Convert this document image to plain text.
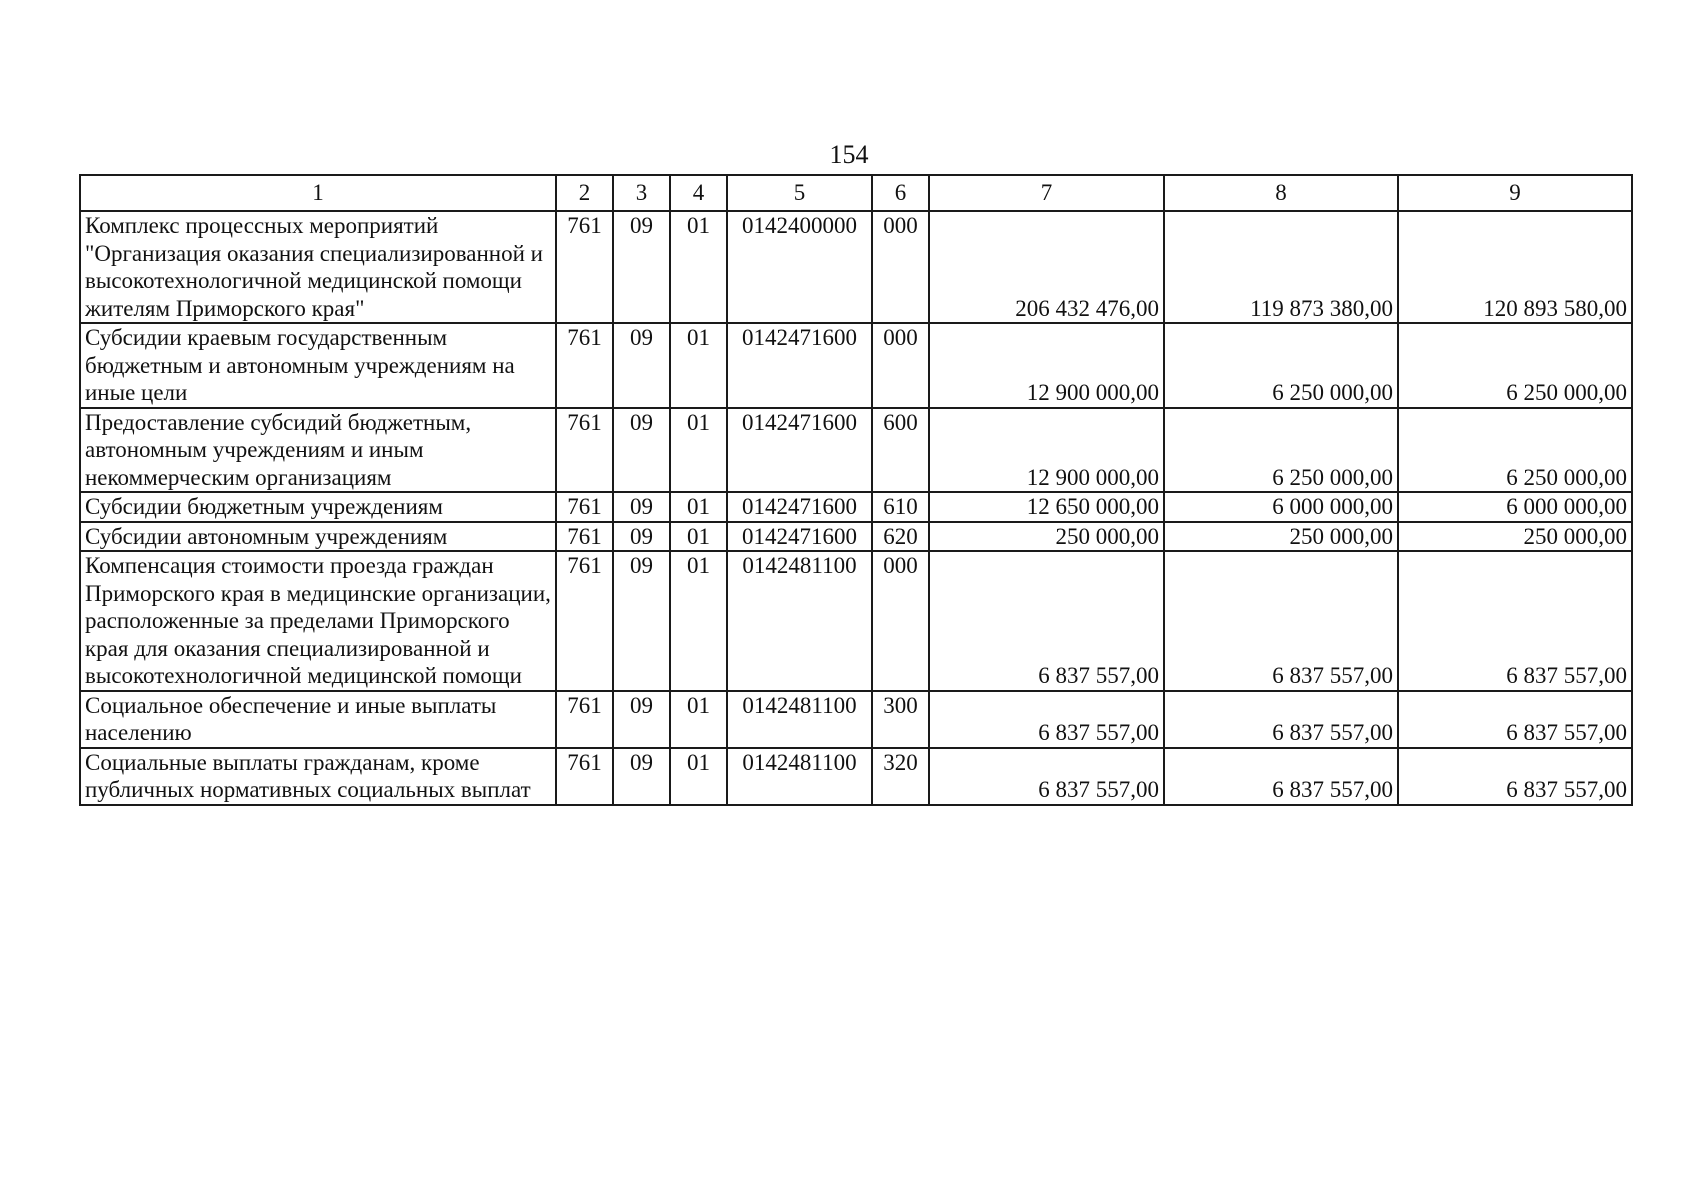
154
1	2	3	4	5	6	7	8	9
Комплекс процессных мероприятий "Организация оказания специализированной и высокотехнологичной медицинской помощи жителям Приморского края"	761	09	01	0142400000	000	206 432 476,00	119 873 380,00	120 893 580,00
Субсидии краевым государственным бюджетным и автономным учреждениям на иные цели	761	09	01	0142471600	000	12 900 000,00	6 250 000,00	6 250 000,00
Предоставление субсидий бюджетным, автономным учреждениям и иным некоммерческим организациям	761	09	01	0142471600	600	12 900 000,00	6 250 000,00	6 250 000,00
Субсидии бюджетным учреждениям	761	09	01	0142471600	610	12 650 000,00	6 000 000,00	6 000 000,00
Субсидии автономным учреждениям	761	09	01	0142471600	620	250 000,00	250 000,00	250 000,00
Компенсация стоимости проезда граждан Приморского края в медицинские организации, расположенные за пределами Приморского края для оказания специализированной и высокотехнологичной медицинской помощи	761	09	01	0142481100	000	6 837 557,00	6 837 557,00	6 837 557,00
Социальное обеспечение и иные выплаты населению	761	09	01	0142481100	300	6 837 557,00	6 837 557,00	6 837 557,00
Социальные выплаты гражданам, кроме публичных нормативных социальных выплат	761	09	01	0142481100	320	6 837 557,00	6 837 557,00	6 837 557,00
